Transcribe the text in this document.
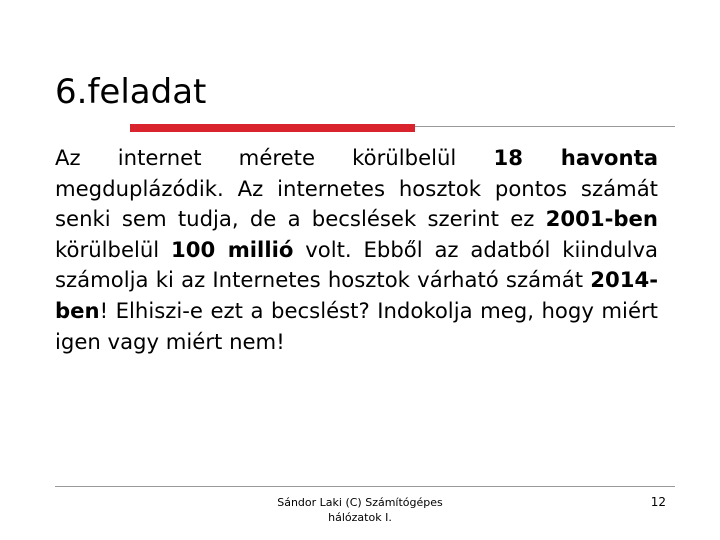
6.feladat
Az internet mérete körülbelül 18 havonta megduplázódik. Az internetes hosztok pontos számát senki sem tudja, de a becslések szerint ez 2001-ben körülbelül 100 millió volt. Ebből az adatból kiindulva számolja ki az Internetes hosztok várható számát 2014-ben! Elhiszi-e ezt a becslést? Indokolja meg, hogy miért igen vagy miért nem!
Sándor Laki (C) Számítógépes hálózatok I.
12
